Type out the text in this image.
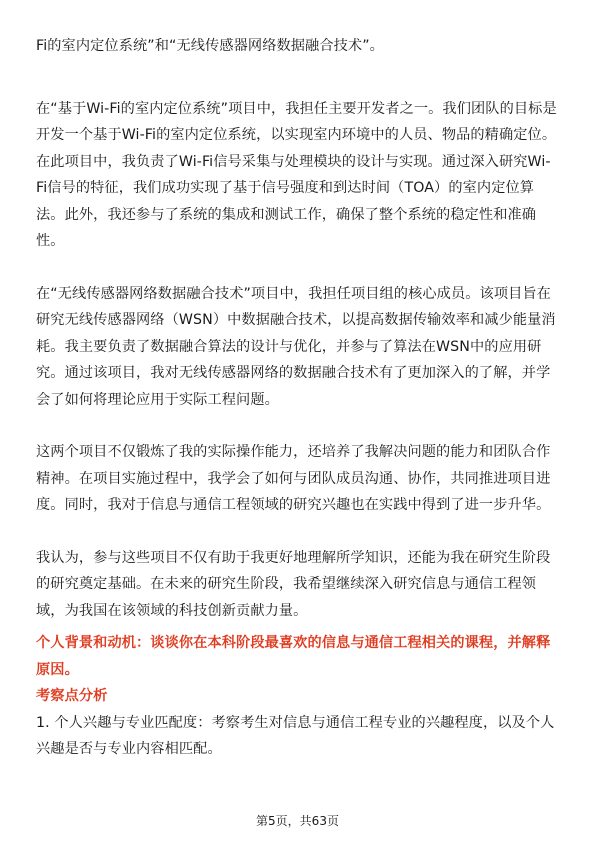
Fi的室内定位系统”和“无线传感器网络数据融合技术”。

在“基于Wi-Fi的室内定位系统”项目中，我担任主要开发者之一。我们团队的目标是开发一个基于Wi-Fi的室内定位系统，以实现室内环境中的人员、物品的精确定位。在此项目中，我负责了Wi-Fi信号采集与处理模块的设计与实现。通过深入研究Wi-Fi信号的特征，我们成功实现了基于信号强度和到达时间（TOA）的室内定位算法。此外，我还参与了系统的集成和测试工作，确保了整个系统的稳定性和准确性。

在“无线传感器网络数据融合技术”项目中，我担任项目组的核心成员。该项目旨在研究无线传感器网络（WSN）中数据融合技术，以提高数据传输效率和减少能量消耗。我主要负责了数据融合算法的设计与优化，并参与了算法在WSN中的应用研究。通过该项目，我对无线传感器网络的数据融合技术有了更加深入的了解，并学会了如何将理论应用于实际工程问题。

这两个项目不仅锻炼了我的实际操作能力，还培养了我解决问题的能力和团队合作精神。在项目实施过程中，我学会了如何与团队成员沟通、协作，共同推进项目进度。同时，我对于信息与通信工程领域的研究兴趣也在实践中得到了进一步升华。

我认为，参与这些项目不仅有助于我更好地理解所学知识，还能为我在研究生阶段的研究奠定基础。在未来的研究生阶段，我希望继续深入研究信息与通信工程领域，为我国在该领域的科技创新贡献力量。

个人背景和动机：谈谈你在本科阶段最喜欢的信息与通信工程相关的课程，并解释原因。

考察点分析

1. 个人兴趣与专业匹配度：考察考生对信息与通信工程专业的兴趣程度，以及个人兴趣是否与专业内容相匹配。

第5页，共63页
